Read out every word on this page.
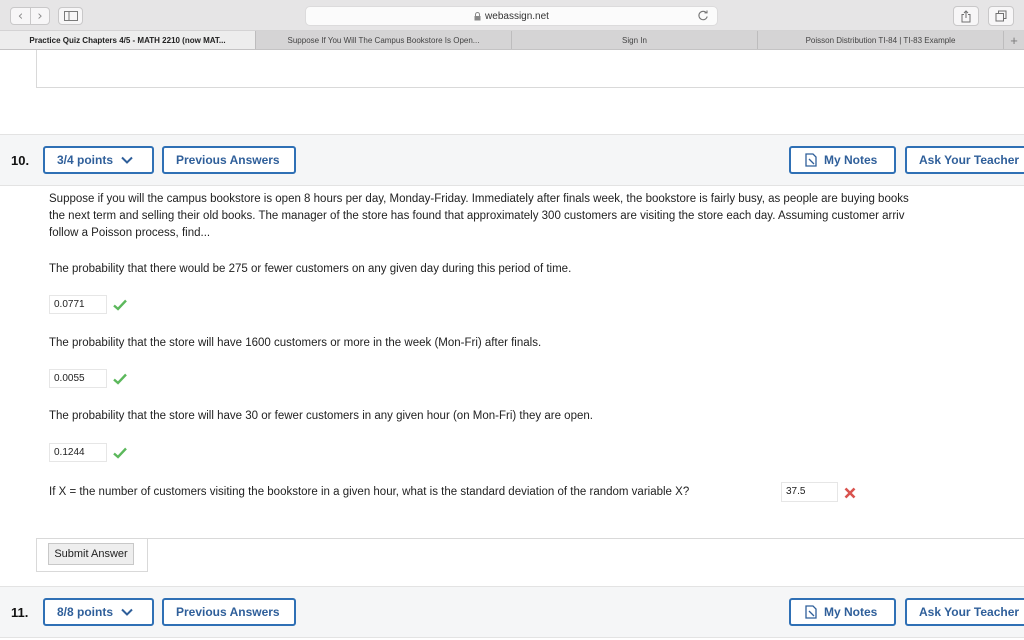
‹ ›	webassign.net
Practice Quiz Chapters 4/5 - MATH 2210 (now MAT...	Suppose If You Will The Campus Bookstore Is Open...	Sign In	Poisson Distribution TI-84 | TI-83 Example	+
10. 3/4 points	Previous Answers	My Notes	Ask Your Teacher
Suppose if you will the campus bookstore is open 8 hours per day, Monday-Friday. Immediately after finals week, the bookstore is fairly busy, as people are buying books
the next term and selling their old books. The manager of the store has found that approximately 300 customers are visiting the store each day. Assuming customer arriv
follow a Poisson process, find...
The probability that there would be 275 or fewer customers on any given day during this period of time.
0.0771
The probability that the store will have 1600 customers or more in the week (Mon-Fri) after finals.
0.0055
The probability that the store will have 30 or fewer customers in any given hour (on Mon-Fri) they are open.
0.1244
If X = the number of customers visiting the bookstore in a given hour, what is the standard deviation of the random variable X?	37.5
Submit Answer
11. 8/8 points	Previous Answers	My Notes	Ask Your Teacher
